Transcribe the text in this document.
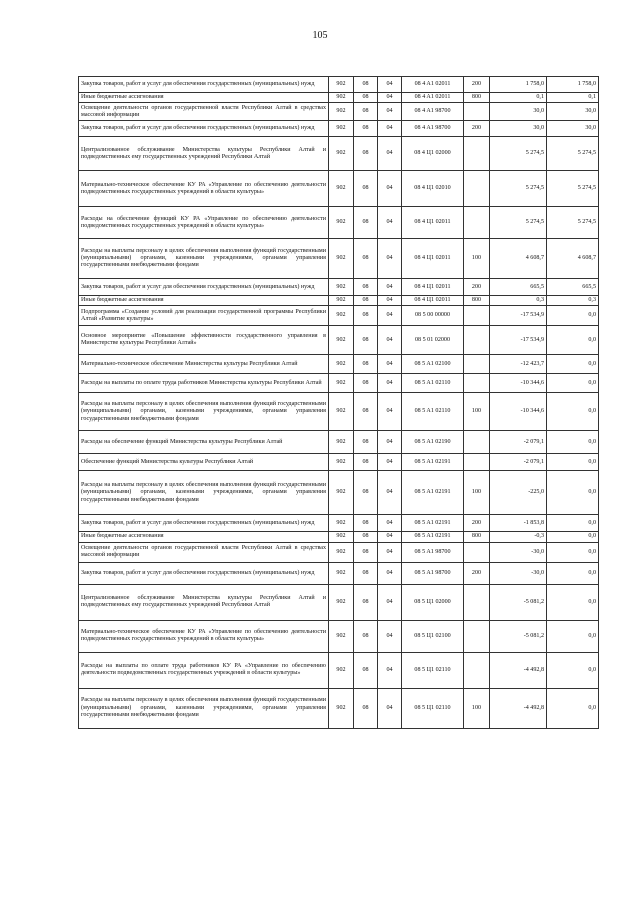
105
Закупка товаров, работ и услуг для обеспечения государственных (муниципальных) нужд	902	08	04	08 4 A1 02011	200	1 758,0	1 758,0
Иные бюджетные ассигнования	902	08	04	08 4 A1 02011	800	0,1	0,1
Освещение деятельности органов государственной власти Республики Алтай в средствах массовой информации	902	08	04	08 4 A1 98700		30,0	30,0
Закупка товаров, работ и услуг для обеспечения государственных (муниципальных) нужд	902	08	04	08 4 A1 98700	200	30,0	30,0
Централизованное обслуживание Министерства культуры Республики Алтай и подведомственных ему государственных учреждений Республики Алтай	902	08	04	08 4 Ц1 02000		5 274,5	5 274,5
Материально-техническое обеспечение КУ РА «Управление по обеспечению деятельности подведомственных государственных учреждений в области культуры»	902	08	04	08 4 Ц1 02010		5 274,5	5 274,5
Расходы на обеспечение функций КУ РА «Управление по обеспечению деятельности подведомственных государственных учреждений в области культуры»	902	08	04	08 4 Ц1 02011		5 274,5	5 274,5
Расходы на выплаты персоналу в целях обеспечения выполнения функций государственными (муниципальными) органами, казенными учреждениями, органами управления государственными внебюджетными фондами	902	08	04	08 4 Ц1 02011	100	4 608,7	4 608,7
Закупка товаров, работ и услуг для обеспечения государственных (муниципальных) нужд	902	08	04	08 4 Ц1 02011	200	665,5	665,5
Иные бюджетные ассигнования	902	08	04	08 4 Ц1 02011	800	0,3	0,3
Подпрограмма «Создание условий для реализации государственной программы Республики Алтай «Развитие культуры»	902	08	04	08 5 00 00000		-17 534,9	0,0
Основное мероприятие «Повышение эффективности государственного управления в Министерстве культуры Республики Алтай»	902	08	04	08 5 01 02000		-17 534,9	0,0
Материально-техническое обеспечение Министерства культуры Республики Алтай	902	08	04	08 5 A1 02100		-12 423,7	0,0
Расходы на выплаты по оплате труда работников Министерства культуры Республики Алтай	902	08	04	08 5 A1 02110		-10 344,6	0,0
Расходы на выплаты персоналу в целях обеспечения выполнения функций государственными (муниципальными) органами, казенными учреждениями, органами управления государственными внебюджетными фондами	902	08	04	08 5 A1 02110	100	-10 344,6	0,0
Расходы на обеспечение функций Министерства культуры Республики Алтай	902	08	04	08 5 A1 02190		-2 079,1	0,0
Обеспечение функций Министерства культуры Республики Алтай	902	08	04	08 5 A1 02191		-2 079,1	0,0
Расходы на выплаты персоналу в целях обеспечения выполнения функций государственными (муниципальными) органами, казенными учреждениями, органами управления государственными внебюджетными фондами	902	08	04	08 5 A1 02191	100	-225,0	0,0
Закупка товаров, работ и услуг для обеспечения государственных (муниципальных) нужд	902	08	04	08 5 A1 02191	200	-1 853,8	0,0
Иные бюджетные ассигнования	902	08	04	08 5 A1 02191	800	-0,3	0,0
Освещение деятельности органов государственной власти Республики Алтай в средствах массовой информации	902	08	04	08 5 A1 98700		-30,0	0,0
Закупка товаров, работ и услуг для обеспечения государственных (муниципальных) нужд	902	08	04	08 5 A1 98700	200	-30,0	0,0
Централизованное обслуживание Министерства культуры Республики Алтай и подведомственных ему государственных учреждений Республики Алтай	902	08	04	08 5 Ц1 02000		-5 081,2	0,0
Материально-техническое обеспечение КУ РА «Управление по обеспечению деятельности подведомственных государственных учреждений в области культуры»	902	08	04	08 5 Ц1 02100		-5 081,2	0,0
Расходы на выплаты по оплате труда работников КУ РА «Управление по обеспечению деятельности подведомственных государственных учреждений в области культуры»	902	08	04	08 5 Ц1 02110		-4 492,8	0,0
Расходы на выплаты персоналу в целях обеспечения выполнения функций государственными (муниципальными) органами, казенными учреждениями, органами управления государственными внебюджетными фондами	902	08	04	08 5 Ц1 02110	100	-4 492,8	0,0
